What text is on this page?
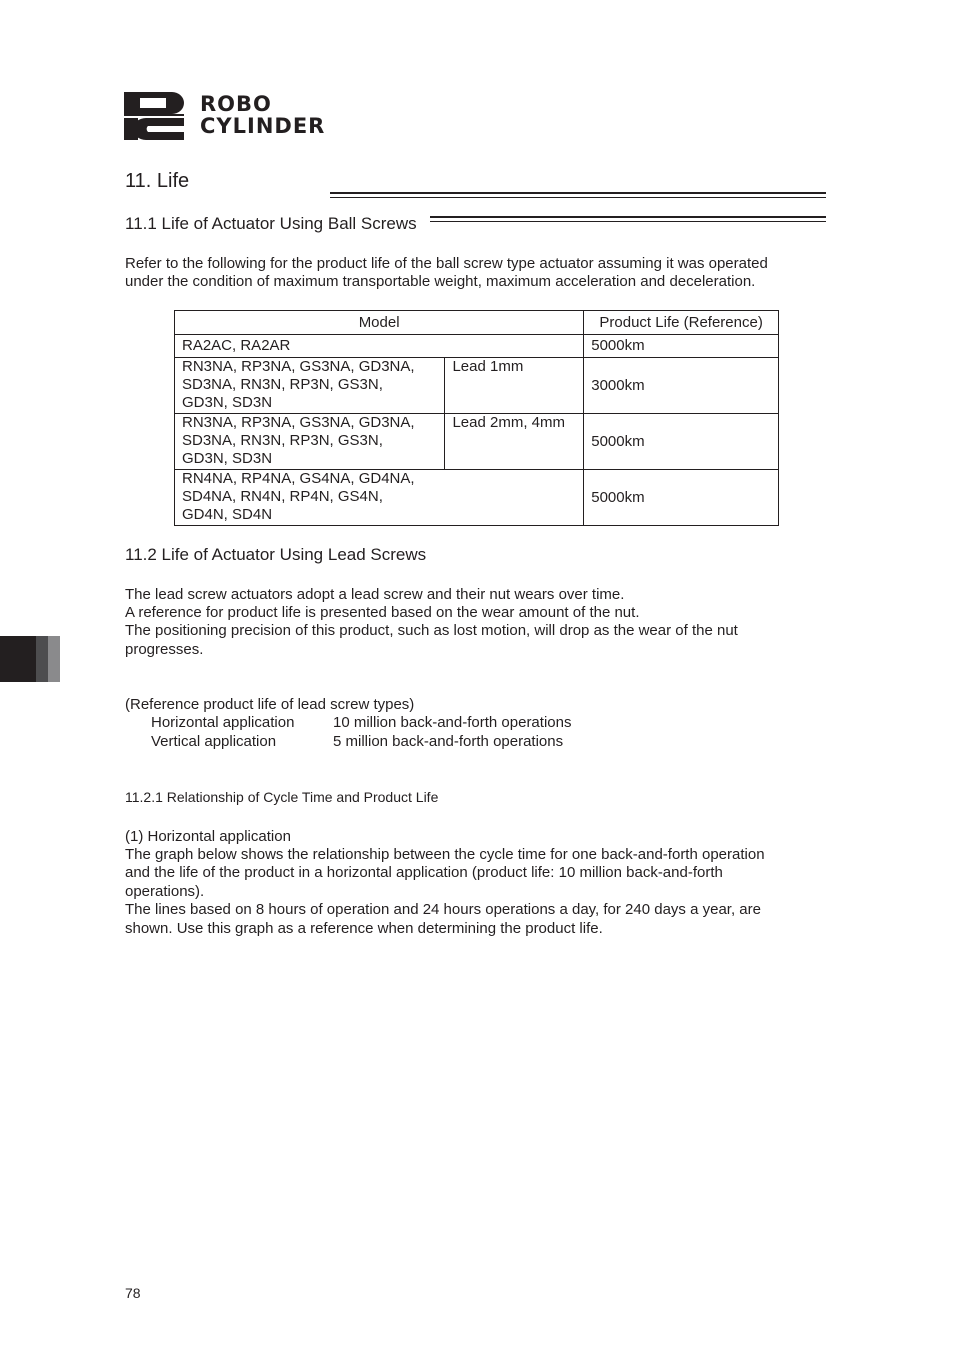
ROBO
CYLINDER
11. Life
11.1 Life of Actuator Using Ball Screws
Refer to the following for the product life of the ball screw type actuator assuming it was operated
under the condition of maximum transportable weight, maximum acceleration and deceleration.
Model		Product Life (Reference)
RA2AC, RA2AR		5000km

RN3NA, RP3NA, GS3NA, GD3NA,
SD3NA, RN3N, RP3N, GS3N,
GD3N, SD3N	Lead 1mm	3000km

RN3NA, RP3NA, GS3NA, GD3NA,
SD3NA, RN3N, RP3N, GS3N,
GD3N, SD3N	Lead 2mm, 4mm	5000km

RN4NA, RP4NA, GS4NA, GD4NA,
SD4NA, RN4N, RP4N, GS4N,
GD4N, SD4N		5000km
11.2 Life of Actuator Using Lead Screws
The lead screw actuators adopt a lead screw and their nut wears over time.
A reference for product life is presented based on the wear amount of the nut.
The positioning precision of this product, such as lost motion, will drop as the wear of the nut
progresses.
(Reference product life of lead screw types)
Horizontal application	10 million back-and-forth operations
Vertical application	5 million back-and-forth operations
11.2.1 Relationship of Cycle Time and Product Life
(1) Horizontal application
The graph below shows the relationship between the cycle time for one back-and-forth operation
and the life of the product in a horizontal application (product life: 10 million back-and-forth
operations).
The lines based on 8 hours of operation and 24 hours operations a day, for 240 days a year, are
shown. Use this graph as a reference when determining the product life.
78
